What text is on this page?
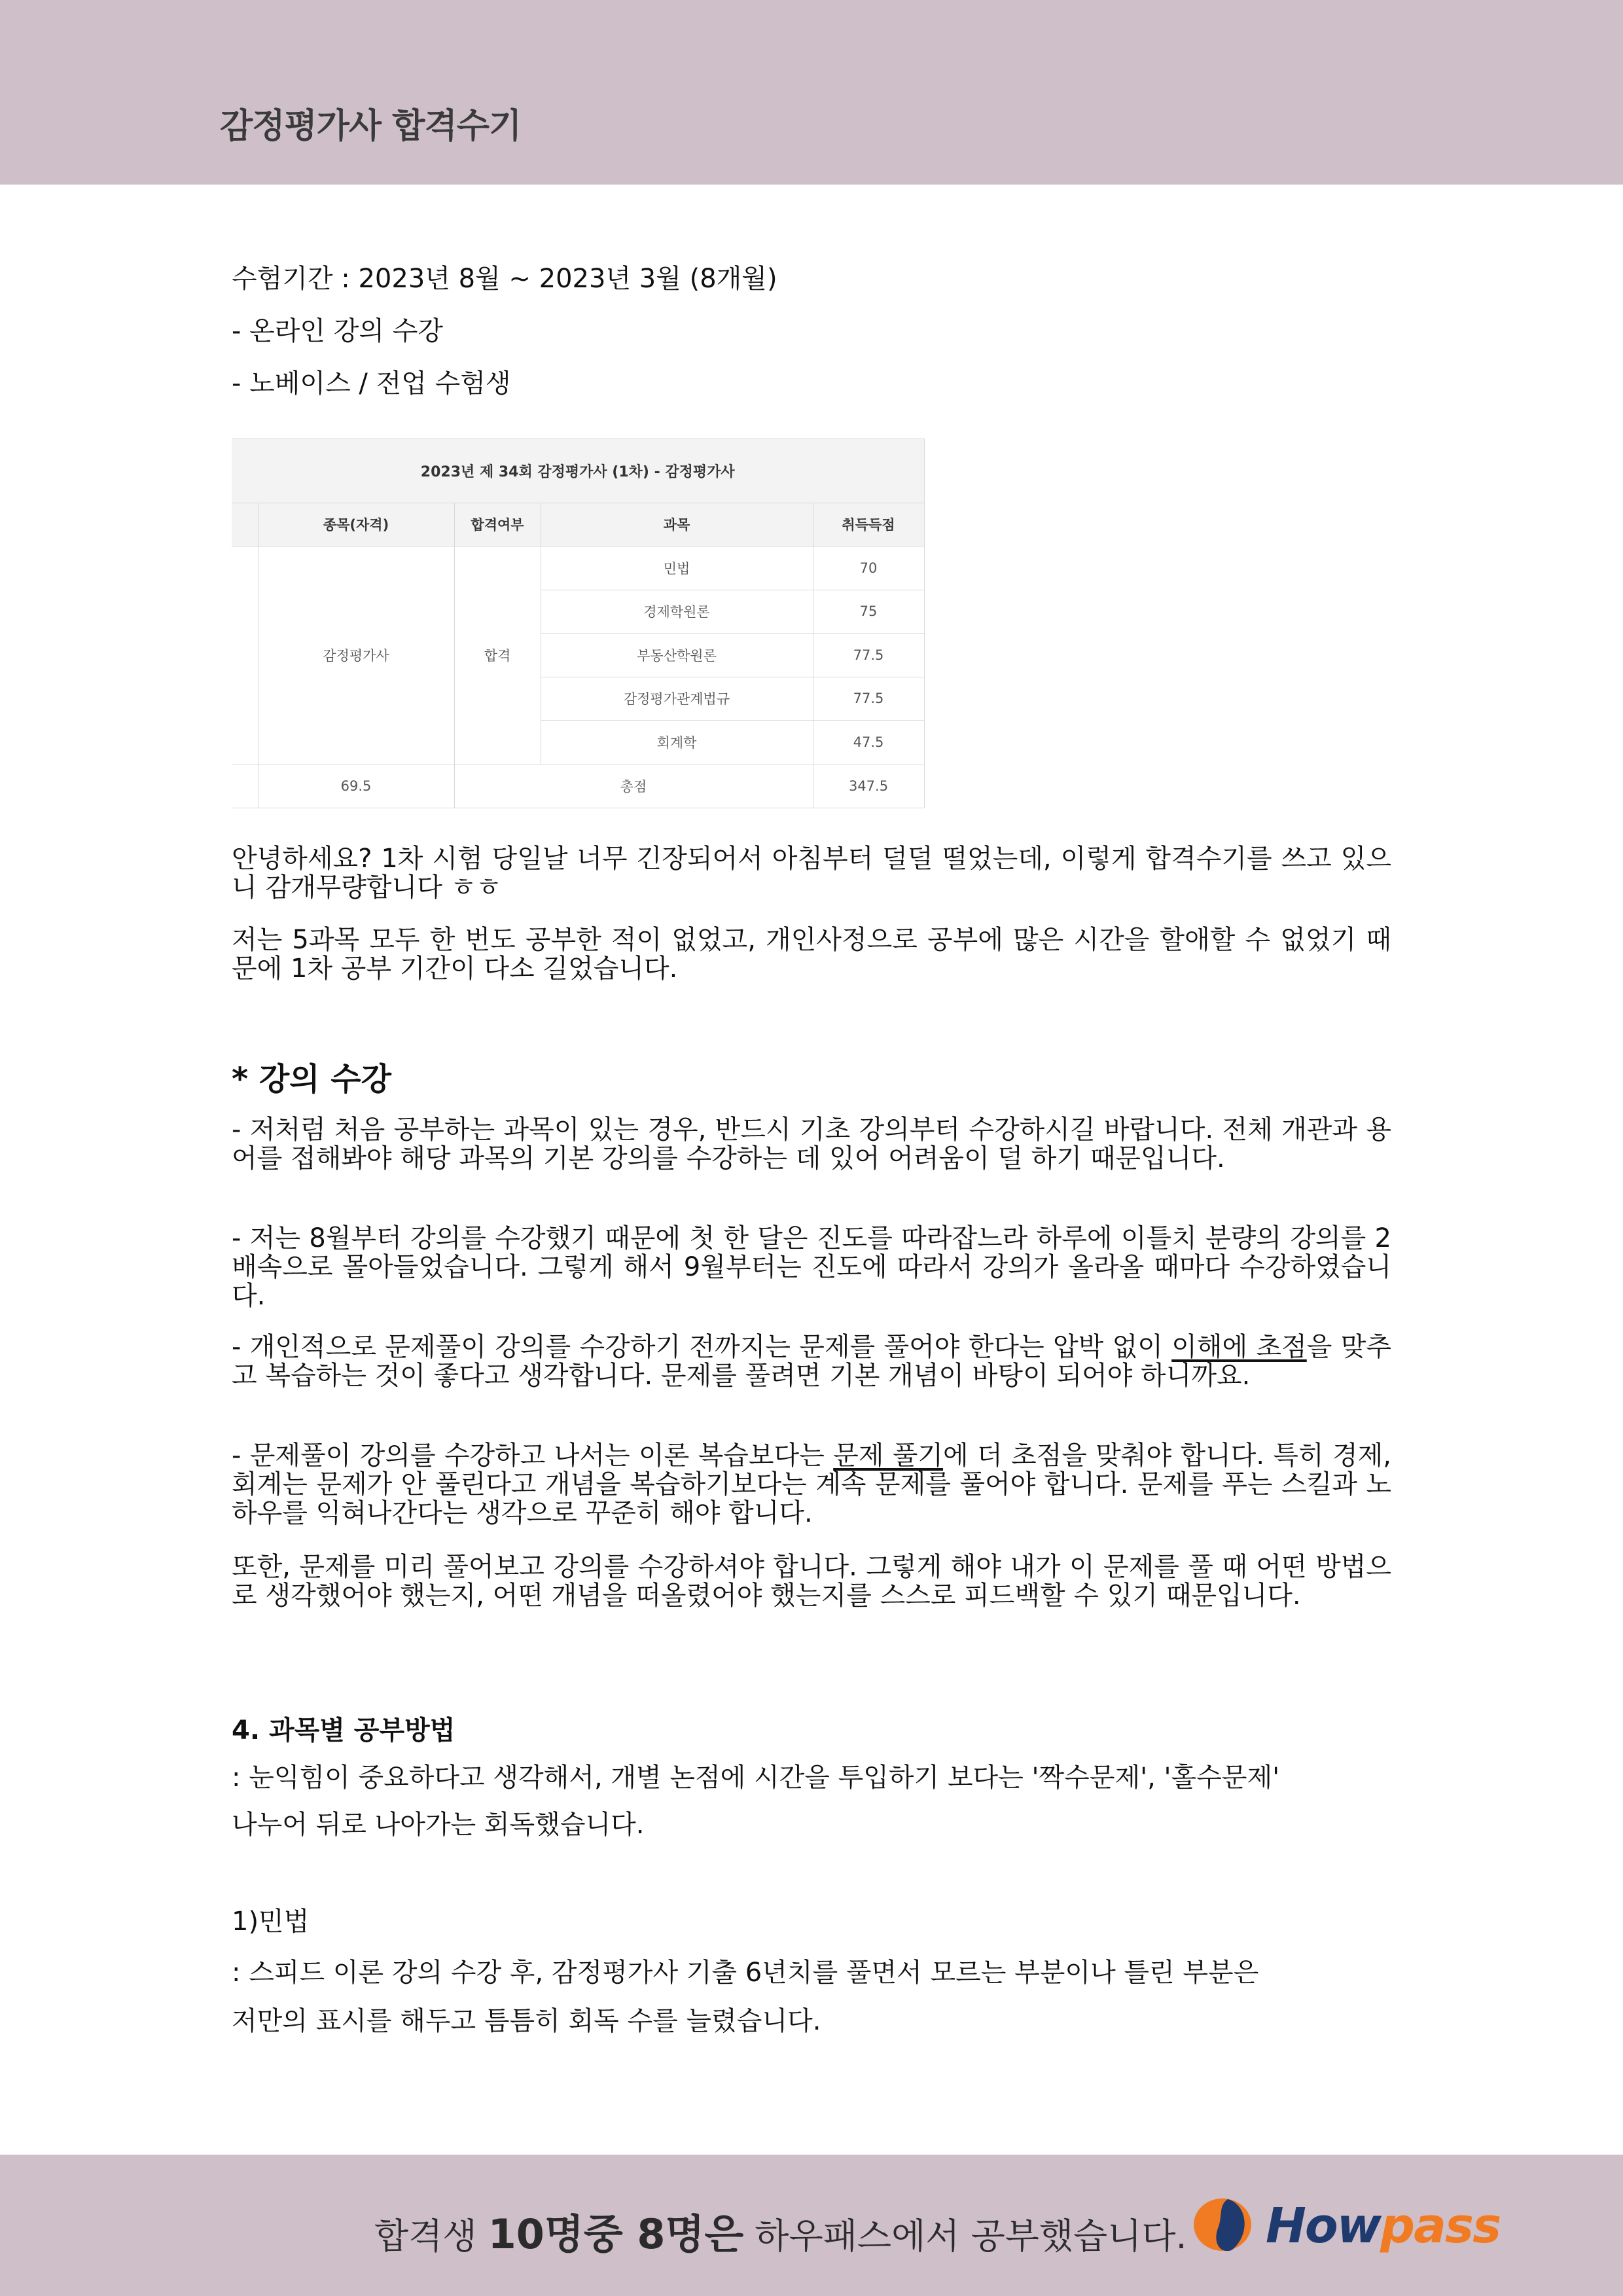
감정평가사 합격수기
수험기간 : 2023년 8월 ~ 2023년 3월 (8개월)
- 온라인 강의 수강
- 노베이스 / 전업 수험생
2023년 제 34회 감정평가사 (1차) - 감정평가사				
	종목(자격)	합격여부	과목	취득득점
	감정평가사	합격	민법	70
			경제학원론	75
			부동산학원론	77.5
			감정평가관계법규	77.5
			회계학	47.5
	69.5	총점		347.5
안녕하세요? 1차 시험 당일날 너무 긴장되어서 아침부터 덜덜 떨었는데, 이렇게 합격수기를 쓰고 있으니 감개무량합니다 ㅎㅎ
저는 5과목 모두 한 번도 공부한 적이 없었고, 개인사정으로 공부에 많은 시간을 할애할 수 없었기 때문에 1차 공부 기간이 다소 길었습니다.
* 강의 수강
- 저처럼 처음 공부하는 과목이 있는 경우, 반드시 기초 강의부터 수강하시길 바랍니다. 전체 개관과 용어를 접해봐야 해당 과목의 기본 강의를 수강하는 데 있어 어려움이 덜 하기 때문입니다.
- 저는 8월부터 강의를 수강했기 때문에 첫 한 달은 진도를 따라잡느라 하루에 이틀치 분량의 강의를 2배속으로 몰아들었습니다. 그렇게 해서 9월부터는 진도에 따라서 강의가 올라올 때마다 수강하였습니다.
- 개인적으로 문제풀이 강의를 수강하기 전까지는 문제를 풀어야 한다는 압박 없이 이해에 초점을 맞추고 복습하는 것이 좋다고 생각합니다. 문제를 풀려면 기본 개념이 바탕이 되어야 하니까요.
- 문제풀이 강의를 수강하고 나서는 이론 복습보다는 문제 풀기에 더 초점을 맞춰야 합니다. 특히 경제, 회계는 문제가 안 풀린다고 개념을 복습하기보다는 계속 문제를 풀어야 합니다. 문제를 푸는 스킬과 노하우를 익혀나간다는 생각으로 꾸준히 해야 합니다.
또한, 문제를 미리 풀어보고 강의를 수강하셔야 합니다. 그렇게 해야 내가 이 문제를 풀 때 어떤 방법으로 생각했어야 했는지, 어떤 개념을 떠올렸어야 했는지를 스스로 피드백할 수 있기 때문입니다.
4. 과목별 공부방법
: 눈익힘이 중요하다고 생각해서, 개별 논점에 시간을 투입하기 보다는 '짝수문제', '홀수문제'
나누어 뒤로 나아가는 회독했습니다.
1)민법
: 스피드 이론 강의 수강 후, 감정평가사 기출 6년치를 풀면서 모르는 부분이나 틀린 부분은
저만의 표시를 해두고 틈틈히 회독 수를 늘렸습니다.
합격생 10명중 8명은 하우패스에서 공부했습니다. Howpass
